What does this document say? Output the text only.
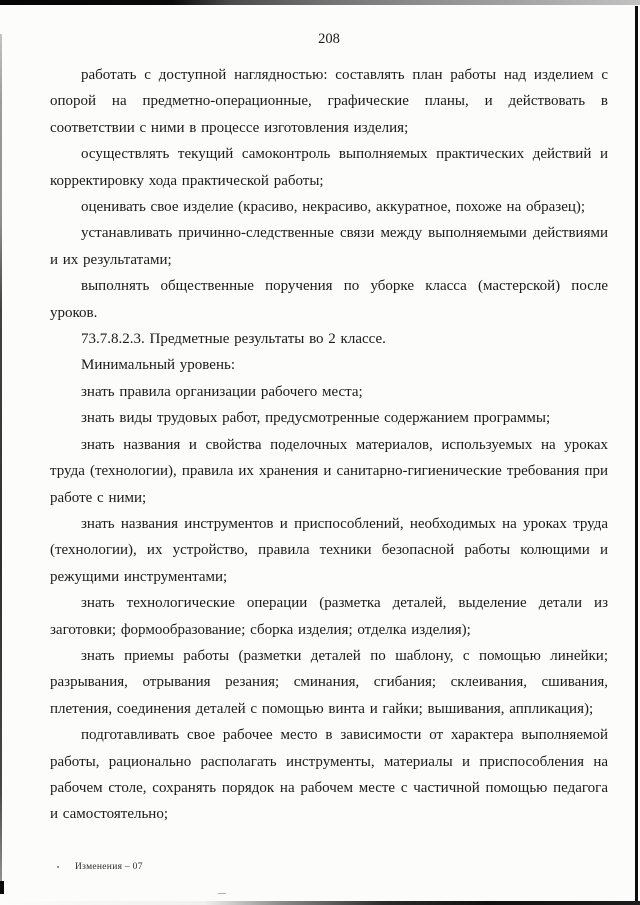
208

работать с доступной наглядностью: составлять план работы над изделием с опорой на предметно-операционные, графические планы, и действовать в соответствии с ними в процессе изготовления изделия;

осуществлять текущий самоконтроль выполняемых практических действий и корректировку хода практической работы;

оценивать свое изделие (красиво, некрасиво, аккуратное, похоже на образец);

устанавливать причинно-следственные связи между выполняемыми действиями и их результатами;

выполнять общественные поручения по уборке класса (мастерской) после уроков.

73.7.8.2.3. Предметные результаты во 2 классе.

Минимальный уровень:

знать правила организации рабочего места;

знать виды трудовых работ, предусмотренные содержанием программы;

знать названия и свойства поделочных материалов, используемых на уроках труда (технологии), правила их хранения и санитарно-гигиенические требования при работе с ними;

знать названия инструментов и приспособлений, необходимых на уроках труда (технологии), их устройство, правила техники безопасной работы колющими и режущими инструментами;

знать технологические операции (разметка деталей, выделение детали из заготовки; формообразование; сборка изделия; отделка изделия);

знать приемы работы (разметки деталей по шаблону, с помощью линейки; разрывания, отрывания резания; сминания, сгибания; склеивания, сшивания, плетения, соединения деталей с помощью винта и гайки; вышивания, аппликация);

подготавливать свое рабочее место в зависимости от характера выполняемой работы, рационально располагать инструменты, материалы и приспособления на рабочем столе, сохранять порядок на рабочем месте с частичной помощью педагога и самостоятельно;

Изменения – 07
